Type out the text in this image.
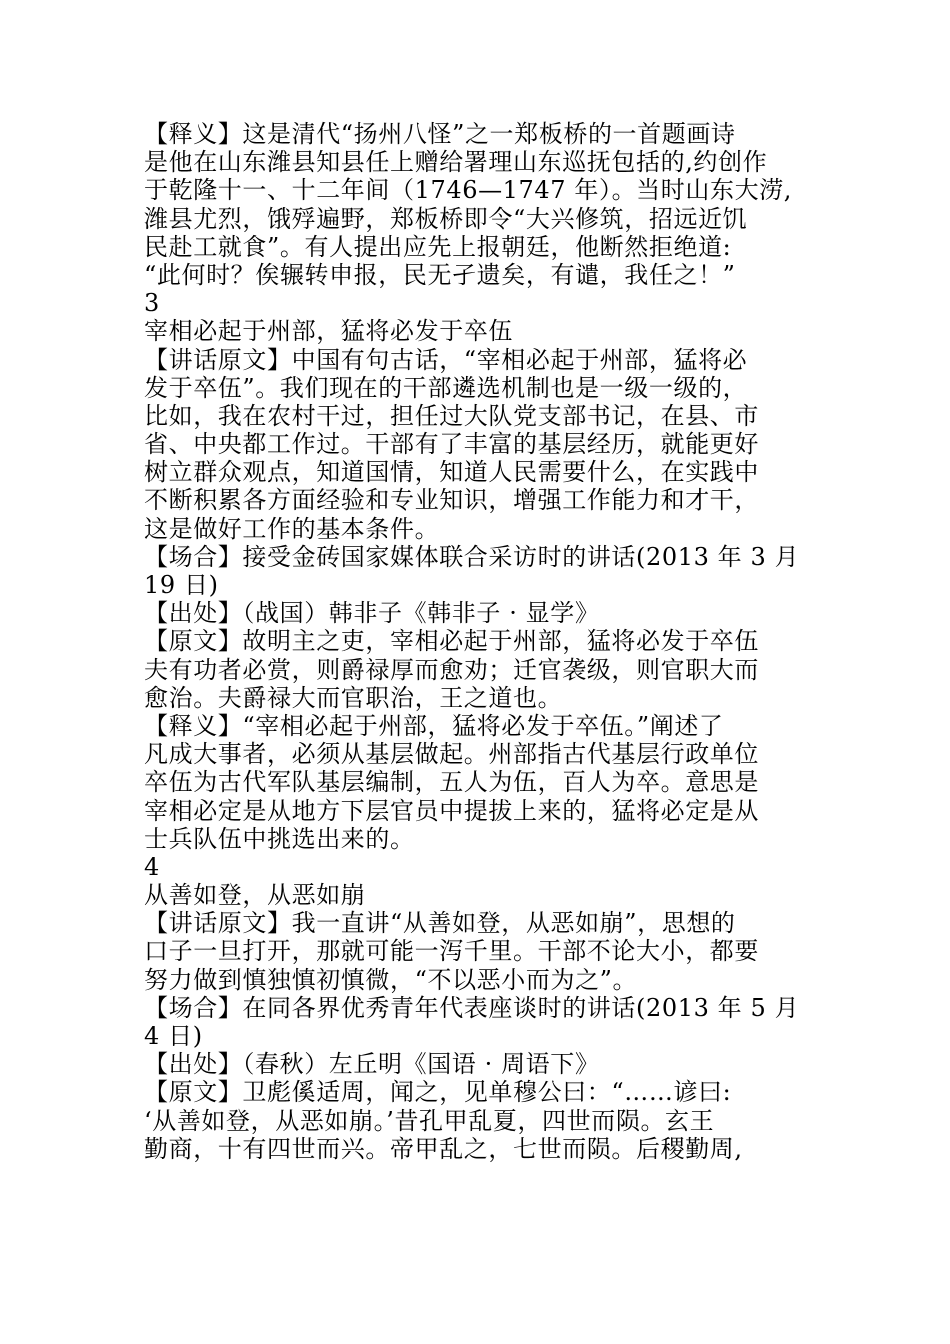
【释义】这是清代“扬州八怪”之一郑板桥的一首题画诗
是他在山东潍县知县任上赠给署理山东巡抚包括的,约创作
于乾隆十一、十二年间（1746—1747 年）。当时山东大涝,
潍县尤烈，饿殍遍野，郑板桥即令“大兴修筑，招远近饥
民赴工就食”。有人提出应先上报朝廷，他断然拒绝道:
“此何时？俟辗转申报，民无孑遗矣，有谴，我任之！”
3
宰相必起于州部，猛将必发于卒伍
【讲话原文】中国有句古话，“宰相必起于州部，猛将必
发于卒伍”。我们现在的干部遴选机制也是一级一级的，
比如，我在农村干过，担任过大队党支部书记，在县、市
省、中央都工作过。干部有了丰富的基层经历，就能更好
树立群众观点，知道国情，知道人民需要什么，在实践中
不断积累各方面经验和专业知识，增强工作能力和才干，
这是做好工作的基本条件。
【场合】接受金砖国家媒体联合采访时的讲话(2013 年 3 月
19 日)
【出处】（战国）韩非子《韩非子 · 显学》
【原文】故明主之吏，宰相必起于州部，猛将必发于卒伍
夫有功者必赏，则爵禄厚而愈劝；迁官袭级，则官职大而
愈治。夫爵禄大而官职治，王之道也。
【释义】“宰相必起于州部，猛将必发于卒伍。”阐述了
凡成大事者，必须从基层做起。州部指古代基层行政单位
卒伍为古代军队基层编制，五人为伍，百人为卒。意思是
宰相必定是从地方下层官员中提拔上来的，猛将必定是从
士兵队伍中挑选出来的。
4
从善如登，从恶如崩
【讲话原文】我一直讲“从善如登，从恶如崩”，思想的
口子一旦打开，那就可能一泻千里。干部不论大小，都要
努力做到慎独慎初慎微，“不以恶小而为之”。
【场合】在同各界优秀青年代表座谈时的讲话(2013 年 5 月
4 日)
【出处】（春秋）左丘明《国语 · 周语下》
【原文】卫彪傒适周，闻之，见单穆公曰：“……谚曰:
‘从善如登，从恶如崩。’昔孔甲乱夏，四世而陨。玄王
勤商，十有四世而兴。帝甲乱之，七世而陨。后稷勤周,
